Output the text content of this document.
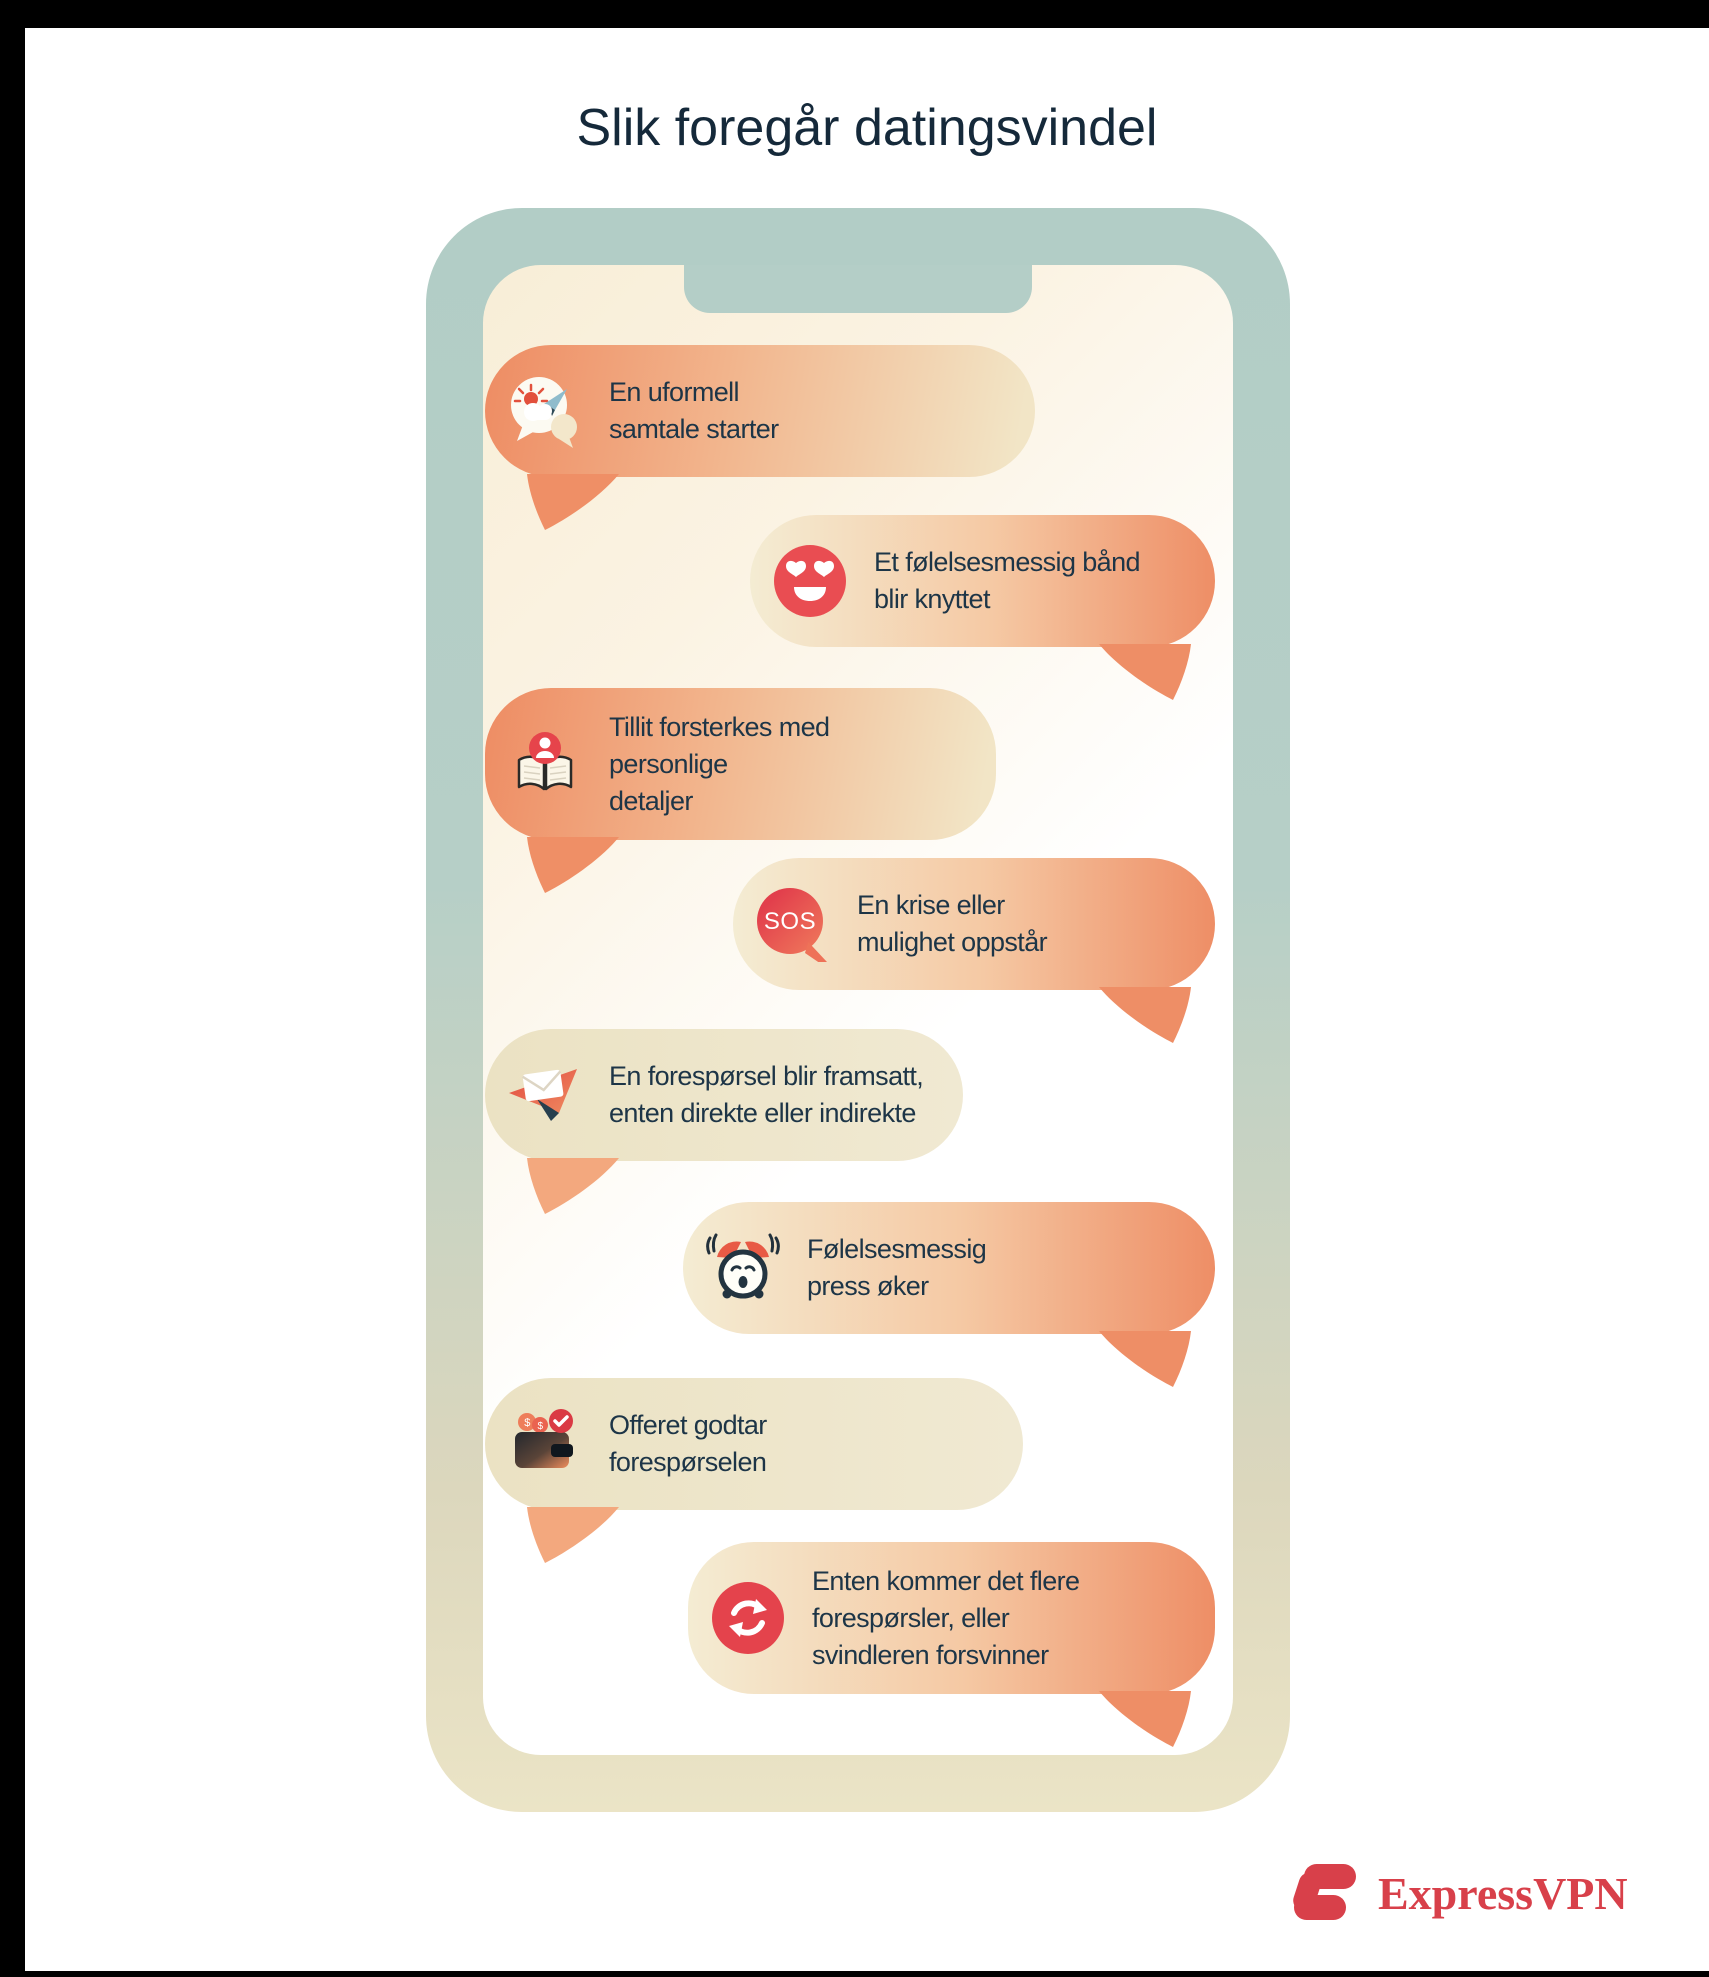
Slik foregår datingsvindel
En uformell
samtale starter
Et følelsesmessig bånd
blir knyttet
Tillit forsterkes med
personlige
detaljer
SOS
En krise eller
mulighet oppstår
En forespørsel blir framsatt,
enten direkte eller indirekte
Følelsesmessig
press øker
$ $ Offeret godtar
forespørselen
Enten kommer det flere
forespørsler, eller
svindleren forsvinner
ExpressVPN
